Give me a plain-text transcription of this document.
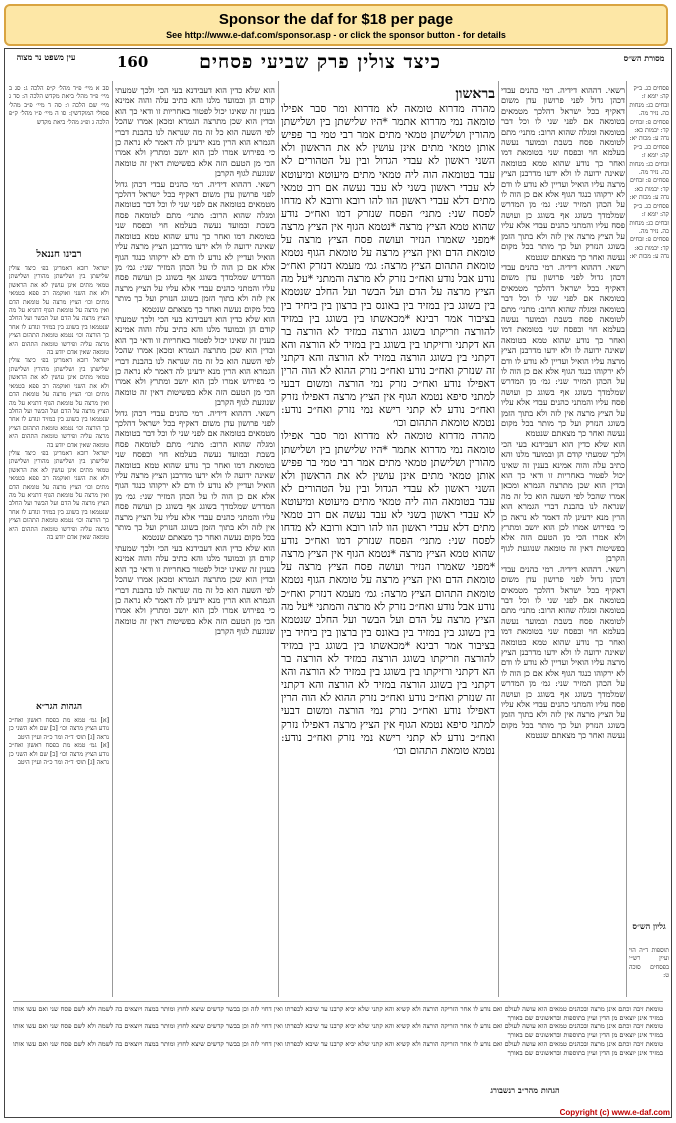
Sponsor the daf for $18 per page
See http://www.e-daf.com/sponsor.asp - or click the sponsor button - for details
עין משפט נר מצוה	160	כיצד צולין פרק שביעי פסחים	מסורת הש״ס

סב א מיי׳ פ״ד מהל׳ ק״פ הלכה ג: סג ב מיי׳ פ״ד מהל׳ ביאת מקדש הלכה ה: סד ג מיי׳ שם הלכה ו: סה ד מיי׳ פ״ב מהל׳ פסולי המוקדשין: סו ה מיי׳ פ״ו מהל׳ ק״פ הלכה ג ופ״ג מהל׳ ביאת מקדש

רבינו חננאל

ישראל רובא דאמרינן בפ׳ כיצד צולין שלישתן בין ושלישתן מהורין ושלישתן טמאי מתים אינן עושין לא את הראשון ולא את השני ואוקמה רב פפא בטמאי מתים וכו׳ הציץ מרצה על טומאת הדם ואין מרצה על טומאת הגוף דתניא על מה הציץ מרצה על הדם ועל הבשר ועל החלב שנטמאו בין בשוגג בין במזיד ונודע לו אחר כך הורצה וכו׳ נטמא טומאת התהום הציץ מרצה עליה ופירשו טומאת התהום היא טומאה שאין אדם יודע בה

ישראל רובא דאמרינן בפ׳ כיצד צולין שלישתן בין ושלישתן מהורין ושלישתן טמאי מתים אינן עושין לא את הראשון ולא את השני ואוקמה רב פפא בטמאי מתים וכו׳ הציץ מרצה על טומאת הדם ואין מרצה על טומאת הגוף דתניא על מה הציץ מרצה על הדם ועל הבשר ועל החלב שנטמאו בין בשוגג בין במזיד ונודע לו אחר כך הורצה וכו׳ נטמא טומאת התהום הציץ מרצה עליה ופירשו טומאת התהום היא טומאה שאין אדם יודע בה

ישראל רובא דאמרינן בפ׳ כיצד צולין שלישתן בין ושלישתן מהורין ושלישתן טמאי מתים אינן עושין לא את הראשון ולא את השני ואוקמה רב פפא בטמאי מתים וכו׳ הציץ מרצה על טומאת הדם ואין מרצה על טומאת הגוף דתניא על מה הציץ מרצה על הדם ועל הבשר ועל החלב שנטמאו בין בשוגג בין במזיד ונודע לו אחר כך הורצה וכו׳ נטמא טומאת התהום הציץ מרצה עליה ופירשו טומאת התהום היא טומאה שאין אדם יודע בה

הגהות הגר״א

[א] גמ׳ טמא מת בפסח ראשון ואח״כ נודע הציץ מרצה וכו׳ [ב] שם ולא השני כן נראה [ג] תוס׳ ד״ה ומר כ״ה ועיין היטב

[א] גמ׳ טמא מת בפסח ראשון ואח״כ נודע הציץ מרצה וכו׳ [ב] שם ולא השני כן נראה [ג] תוס׳ ד״ה ומר כ״ה ועיין היטב

הוא שלא כדין הוא דעבידנא בעי הכי ולכך שמעתי קודם הן ובמועד מלנו והא כתיב עלה והוה אמינא בענין זה שאינו יכול לפטור באחריות זו ודאי כך הוא ובדין הוא שכן מתרצה הגמרא ומכאן אמרו שהכל לפי השעה הוא כל זה מה שנראה לנו בהבנת דברי הגמרא הוא הרין מנא ידעינן לה דאמר לא נראה כן כי בפירוש אמרו לכן הוא יושב ומתרץ ולא אמרו הכי מן הטעם הזה אלא בפשיטות דאין זה טומאה שנוגעת לגוף הקרבן

רשאי. דההוא דידיה. רמי כהנים עבדי דכהן גדול לפני פרושון עדן משום דאקיף בכל ישראל דהלכך מטמאים בטומאה אם לפני שני לו וכל דבר בטומאה ומגלה שהוא הרוב: מתני׳ מתם לטומאה פסח בשבת ובמועד נעשה בעלמא חוי ובפסח שני בטומאת דמו ואחר כך נודע שהוא טמא בטומאה שאינה ידועה לו ולא ידעו מדרבנן הציץ מרצה עליו הואיל ועדיין לא נודע לו ודם לא ירקוהו כנגד הגוף אלא אם כן הוה לו על הכהן המזיר שני: גמ׳ מן המדרש שמלמדך בשוגג אף בשוגג כן ועושה פסח עליו והמתני כהנים עבדי אלא עליו על הציץ מרצה אין לזה ולא בתוך הזמן בשוגג הנזרק ועל כך מותר בכל מקום נעשה ואחר כך מצאתם שנטמא

הוא שלא כדין הוא דעבידנא בעי הכי ולכך שמעתי קודם הן ובמועד מלנו והא כתיב עלה והוה אמינא בענין זה שאינו יכול לפטור באחריות זו ודאי כך הוא ובדין הוא שכן מתרצה הגמרא ומכאן אמרו שהכל לפי השעה הוא כל זה מה שנראה לנו בהבנת דברי הגמרא הוא הרין מנא ידעינן לה דאמר לא נראה כן כי בפירוש אמרו לכן הוא יושב ומתרץ ולא אמרו הכי מן הטעם הזה אלא בפשיטות דאין זה טומאה שנוגעת לגוף הקרבן

רשאי. דההוא דידיה. רמי כהנים עבדי דכהן גדול לפני פרושון עדן משום דאקיף בכל ישראל דהלכך מטמאים בטומאה אם לפני שני לו וכל דבר בטומאה ומגלה שהוא הרוב: מתני׳ מתם לטומאה פסח בשבת ובמועד נעשה בעלמא חוי ובפסח שני בטומאת דמו ואחר כך נודע שהוא טמא בטומאה שאינה ידועה לו ולא ידעו מדרבנן הציץ מרצה עליו הואיל ועדיין לא נודע לו ודם לא ירקוהו כנגד הגוף אלא אם כן הוה לו על הכהן המזיר שני: גמ׳ מן המדרש שמלמדך בשוגג אף בשוגג כן ועושה פסח עליו והמתני כהנים עבדי אלא עליו על הציץ מרצה אין לזה ולא בתוך הזמן בשוגג הנזרק ועל כך מותר בכל מקום נעשה ואחר כך מצאתם שנטמא

הוא שלא כדין הוא דעבידנא בעי הכי ולכך שמעתי קודם הן ובמועד מלנו והא כתיב עלה והוה אמינא בענין זה שאינו יכול לפטור באחריות זו ודאי כך הוא ובדין הוא שכן מתרצה הגמרא ומכאן אמרו שהכל לפי השעה הוא כל זה מה שנראה לנו בהבנת דברי הגמרא הוא הרין מנא ידעינן לה דאמר לא נראה כן כי בפירוש אמרו לכן הוא יושב ומתרץ ולא אמרו הכי מן הטעם הזה אלא בפשיטות דאין זה טומאה שנוגעת לגוף הקרבן

בראשון

מהרה מדרוא טומאה לא מדרוא ומר סבר אפילו טומאה נמי מדרוא אתמר *היו שלישתן בין ושלישתן מהורין ושלישתן טמאי מתים אמר רבי טמי בר פפיש אותן טמאי מתים אינן עושין לא את הראשון ולא השני ראשון לא עבדי הגדול ובין על הטהורים לא עבד בטומאה הוה ליה טמאי מתים מיעוטא ומיעוטא לא עבדי ראשון בשני לא עבד נעשה אם רוב טמאי מתים דלא עבדי ראשון הוו להו רובא ורובא לא מדחו לפסח שני: מתני׳ הפסח שנזרק דמו ואח״כ נודע שהוא טמא הציץ מרצה *נטמא הגוף אין הציץ מרצה *מפני שאמרו הנזיר ועושה פסח הציץ מרצה על טומאת הדם ואין הציץ מרצה על טומאת הגוף נטמא טומאת התהום הציץ מרצה: גמ׳ מעמא דנזרק ואח״כ נודע אבל נודע ואח״כ נזרק לא מרצה והמתני *על מה הציץ מרצה על הדם ועל הבשר ועל החלב שנטמא בין בשוגג בין במזיד בין באונס בין ברצון בין ביחיד בין בציבור אמר רבינא *מכאשתו בין בשוגג בין במזיד להורצה וזריקתו בשוגג הורצה במזיד לא הורצה בר הא דקתני ורזיקתו בין בשוגג בין במזיד לא הורצה והא דקתני בין בשוגג הורצה במזיד לא הורצה והא דקתני זה שנזרק ואח״כ נודע ואח״כ נזרק ההוא לא הוה הרין דאפילו נודע ואח״כ נזרק נמי הורצה ומשום דבעי למתני סיפא נטמא הגוף אין הציץ מרצה דאפילו נזרק ואח״כ נודע לא קתני רישא נמי נזרק ואח״כ נודע: נטמא טומאת התהום וכו׳

מהרה מדרוא טומאה לא מדרוא ומר סבר אפילו טומאה נמי מדרוא אתמר *היו שלישתן בין ושלישתן מהורין ושלישתן טמאי מתים אמר רבי טמי בר פפיש אותן טמאי מתים אינן עושין לא את הראשון ולא השני ראשון לא עבדי הגדול ובין על הטהורים לא עבד בטומאה הוה ליה טמאי מתים מיעוטא ומיעוטא לא עבדי ראשון בשני לא עבד נעשה אם רוב טמאי מתים דלא עבדי ראשון הוו להו רובא ורובא לא מדחו לפסח שני: מתני׳ הפסח שנזרק דמו ואח״כ נודע שהוא טמא הציץ מרצה *נטמא הגוף אין הציץ מרצה *מפני שאמרו הנזיר ועושה פסח הציץ מרצה על טומאת הדם ואין הציץ מרצה על טומאת הגוף נטמא טומאת התהום הציץ מרצה: גמ׳ מעמא דנזרק ואח״כ נודע אבל נודע ואח״כ נזרק לא מרצה והמתני *על מה הציץ מרצה על הדם ועל הבשר ועל החלב שנטמא בין בשוגג בין במזיד בין באונס בין ברצון בין ביחיד בין בציבור אמר רבינא *מכאשתו בין בשוגג בין במזיד להורצה וזריקתו בשוגג הורצה במזיד לא הורצה בר הא דקתני ורזיקתו בין בשוגג בין במזיד לא הורצה והא דקתני בין בשוגג הורצה במזיד לא הורצה והא דקתני זה שנזרק ואח״כ נודע ואח״כ נזרק ההוא לא הוה הרין דאפילו נודע ואח״כ נזרק נמי הורצה ומשום דבעי למתני סיפא נטמא הגוף אין הציץ מרצה דאפילו נזרק ואח״כ נודע לא קתני רישא נמי נזרק ואח״כ נודע: נטמא טומאת התהום וכו׳

רשאי. דההוא דידיה. רמי כהנים עבדי דכהן גדול לפני פרושון עדן משום דאקיף בכל ישראל דהלכך מטמאים בטומאה אם לפני שני לו וכל דבר בטומאה ומגלה שהוא הרוב: מתני׳ מתם לטומאה פסח בשבת ובמועד נעשה בעלמא חוי ובפסח שני בטומאת דמו ואחר כך נודע שהוא טמא בטומאה שאינה ידועה לו ולא ידעו מדרבנן הציץ מרצה עליו הואיל ועדיין לא נודע לו ודם לא ירקוהו כנגד הגוף אלא אם כן הוה לו על הכהן המזיר שני: גמ׳ מן המדרש שמלמדך בשוגג אף בשוגג כן ועושה פסח עליו והמתני כהנים עבדי אלא עליו על הציץ מרצה אין לזה ולא בתוך הזמן בשוגג הנזרק ועל כך מותר בכל מקום נעשה ואחר כך מצאתם שנטמא

רשאי. דההוא דידיה. רמי כהנים עבדי דכהן גדול לפני פרושון עדן משום דאקיף בכל ישראל דהלכך מטמאים בטומאה אם לפני שני לו וכל דבר בטומאה ומגלה שהוא הרוב: מתני׳ מתם לטומאה פסח בשבת ובמועד נעשה בעלמא חוי ובפסח שני בטומאת דמו ואחר כך נודע שהוא טמא בטומאה שאינה ידועה לו ולא ידעו מדרבנן הציץ מרצה עליו הואיל ועדיין לא נודע לו ודם לא ירקוהו כנגד הגוף אלא אם כן הוה לו על הכהן המזיר שני: גמ׳ מן המדרש שמלמדך בשוגג אף בשוגג כן ועושה פסח עליו והמתני כהנים עבדי אלא עליו על הציץ מרצה אין לזה ולא בתוך הזמן בשוגג הנזרק ועל כך מותר בכל מקום נעשה ואחר כך מצאתם שנטמא

הוא שלא כדין הוא דעבידנא בעי הכי ולכך שמעתי קודם הן ובמועד מלנו והא כתיב עלה והוה אמינא בענין זה שאינו יכול לפטור באחריות זו ודאי כך הוא ובדין הוא שכן מתרצה הגמרא ומכאן אמרו שהכל לפי השעה הוא כל זה מה שנראה לנו בהבנת דברי הגמרא הוא הרין מנא ידעינן לה דאמר לא נראה כן כי בפירוש אמרו לכן הוא יושב ומתרץ ולא אמרו הכי מן הטעם הזה אלא בפשיטות דאין זה טומאה שנוגעת לגוף הקרבן

רשאי. דההוא דידיה. רמי כהנים עבדי דכהן גדול לפני פרושון עדן משום דאקיף בכל ישראל דהלכך מטמאים בטומאה אם לפני שני לו וכל דבר בטומאה ומגלה שהוא הרוב: מתני׳ מתם לטומאה פסח בשבת ובמועד נעשה בעלמא חוי ובפסח שני בטומאת דמו ואחר כך נודע שהוא טמא בטומאה שאינה ידועה לו ולא ידעו מדרבנן הציץ מרצה עליו הואיל ועדיין לא נודע לו ודם לא ירקוהו כנגד הגוף אלא אם כן הוה לו על הכהן המזיר שני: גמ׳ מן המדרש שמלמדך בשוגג אף בשוגג כן ועושה פסח עליו והמתני כהנים עבדי אלא עליו על הציץ מרצה אין לזה ולא בתוך הזמן בשוגג הנזרק ועל כך מותר בכל מקום נעשה ואחר כך מצאתם שנטמא

פסחים כג. ב״ק קה: יומא ז: זבחים כג: מנחות כה. נזיר מה. פסחים פ: זבחים קד: יבמות כא: נדה ע: מכות יא:

פסחים כג. ב״ק קה: יומא ז: זבחים כג: מנחות כה. נזיר מה. פסחים פ: זבחים קד: יבמות כא: נדה ע: מכות יא:

פסחים כג. ב״ק קה: יומא ז: זבחים כג: מנחות כה. נזיר מה. פסחים פ: זבחים קד: יבמות כא: נדה ע: מכות יא:

גליון הש״ס

תוספות ד״ה הוי ועיין רש״י בפסחים סוכה ט:

טומאת זיבה וכתם אינן מרצה ובכהנים טמאים הוא עושה לעולם ואם נודע לו אחר הזריקה הורצה ולא קשיא והא קתני שלא יביא קרבנו עד שיבא לכפרתו ואין דחוי לזה וכן בבשר קדשים שיצא לחוץ ומותר במצה ויוצאים בה לשמה ולא לשם פסח שני ואם עשו אותו במזיד אינן יוצאים מן הדין ועיין בתוספות ובראשונים שם באורך

טומאת זיבה וכתם אינן מרצה ובכהנים טמאים הוא עושה לעולם ואם נודע לו אחר הזריקה הורצה ולא קשיא והא קתני שלא יביא קרבנו עד שיבא לכפרתו ואין דחוי לזה וכן בבשר קדשים שיצא לחוץ ומותר במצה ויוצאים בה לשמה ולא לשם פסח שני ואם עשו אותו במזיד אינן יוצאים מן הדין ועיין בתוספות ובראשונים שם באורך

טומאת זיבה וכתם אינן מרצה ובכהנים טמאים הוא עושה לעולם ואם נודע לו אחר הזריקה הורצה ולא קשיא והא קתני שלא יביא קרבנו עד שיבא לכפרתו ואין דחוי לזה וכן בבשר קדשים שיצא לחוץ ומותר במצה ויוצאים בה לשמה ולא לשם פסח שני ואם עשו אותו במזיד אינן יוצאים מן הדין ועיין בתוספות ובראשונים שם באורך

הגהות מהר״ב רנשבורג
Copyright (c) www.e-daf.com
